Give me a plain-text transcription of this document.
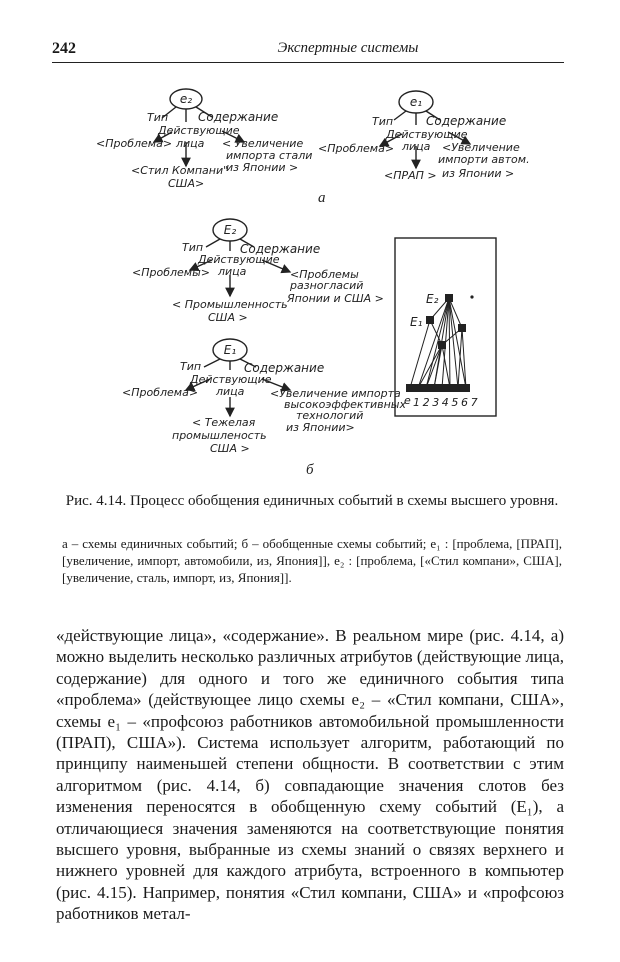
242	Экспертные системы
e₂
Тип Содержание
Действующие
лица
<Проблема>	< Увеличение
импорта стали
из Японии >
<Стил Компани"
США>
e₁
Тип	Содержание
Действующие
лица
<Проблема>	<Увеличение
импорти автом.
из Японии >
<ПРАП >
а
E₂
Тип	Содержание
Действующие
лица
<Проблемы>	<Проблемы
разногласий
Японии и США >
< Промышленность
США >
E₁
Тип	Содержание
Действующие
лица
<Проблема>	<Увеличение импорта
высокоэффективных
технологий
из Японии>
< Тежелая
промышленость
США >
б
E₂
E₁
e 1234567
Рис. 4.14. Процесс обобщения единичных событий в схемы высшего уровня.
а – схемы единичных событий; б – обобщенные схемы событий; e₁ : [проблема, [ПРАП], [увеличение, импорт, автомобили, из, Япония]], e₂ : [проблема, [«Стил компани», США], [увеличение, сталь, импорт, из, Япония]].

«действующие лица», «содержание». В реальном мире (рис. 4.14, а) можно выделить несколько различных атрибутов (действующие лица, содержание) для одного и того же единичного события типа «проблема» (действующее лицо схемы e₂ – «Стил компани, США», схемы e₁ – «профсоюз работников автомобильной промышленности (ПРАП), США»). Система использует алгоритм, работающий по принципу наименьшей степени общности. В соответствии с этим алгоритмом (рис. 4.14, б) совпадающие значения слотов без изменения переносятся в обобщенную схему событий (E₁), а отличающиеся значения заменяются на соответствующие понятия высшего уровня, выбранные из схемы знаний о связях верхнего и нижнего уровней для каждого атрибута, встроенного в компьютер (рис. 4.15). Например, понятия «Стил компани, США» и «профсоюз работников метал-
